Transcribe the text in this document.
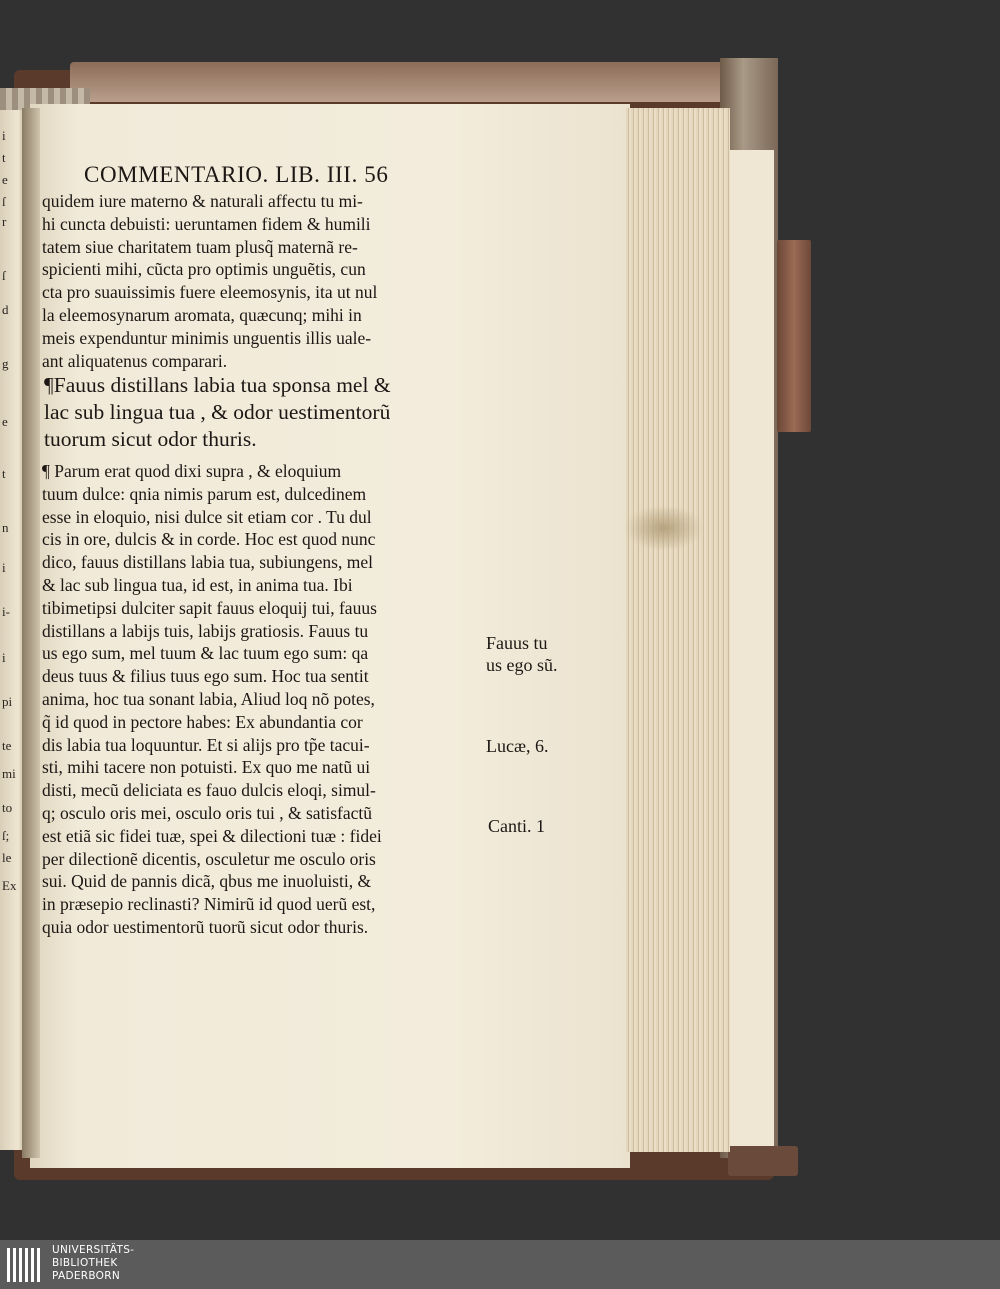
i
t
e
ſ
r
ſ
d
g
e
t
n
i
i-
i
pi
te
mi
to
ſ;
le
Ex
COMMENTARIO. LIB. III. 56
quidem iure materno & naturali affectu tu mi-
hi cuncta debuisti: ueruntamen fidem & humili
tatem siue charitatem tuam plusq̃ maternã re-
spicienti mihi, cũcta pro optimis unguẽtis, cun
cta pro suauissimis fuere eleemosynis, ita ut nul
la eleemosynarum aromata, quæcunq; mihi in
meis expenduntur minimis unguentis illis uale-
ant aliquatenus comparari.
¶Fauus distillans labia tua sponsa mel &
lac sub lingua tua , & odor uestimentorũ
tuorum sicut odor thuris.
¶ Parum erat quod dixi supra , & eloquium
tuum dulce: qnia nimis parum est, dulcedinem
esse in eloquio, nisi dulce sit etiam cor . Tu dul
cis in ore, dulcis & in corde. Hoc est quod nunc
dico, fauus distillans labia tua, subiungens, mel
& lac sub lingua tua, id est, in anima tua. Ibi
tibimetipsi dulciter sapit fauus eloquij tui, fauus
distillans a labijs tuis, labijs gratiosis. Fauus tu
us ego sum, mel tuum & lac tuum ego sum: qa
deus tuus & filius tuus ego sum. Hoc tua sentit
anima, hoc tua sonant labia, Aliud loq nõ potes,
q̃ id quod in pectore habes: Ex abundantia cor
dis labia tua loquuntur. Et si alijs pro tp̃e tacui-
sti, mihi tacere non potuisti. Ex quo me natũ ui
disti, mecũ deliciata es fauo dulcis eloqi, simul-
q; osculo oris mei, osculo oris tui , & satisfactũ
est etiã sic fidei tuæ, spei & dilectioni tuæ : fidei
per dilectionẽ dicentis, osculetur me osculo oris
sui. Quid de pannis dicã, qbus me inuoluisti, &
in præsepio reclinasti? Nimirũ id quod uerũ est,
quia odor uestimentorũ tuorũ sicut odor thuris.
Fauus tu
us ego sũ.
Lucæ, 6.
Canti. 1
UNIVERSITÄTS-
BIBLIOTHEK
PADERBORN
